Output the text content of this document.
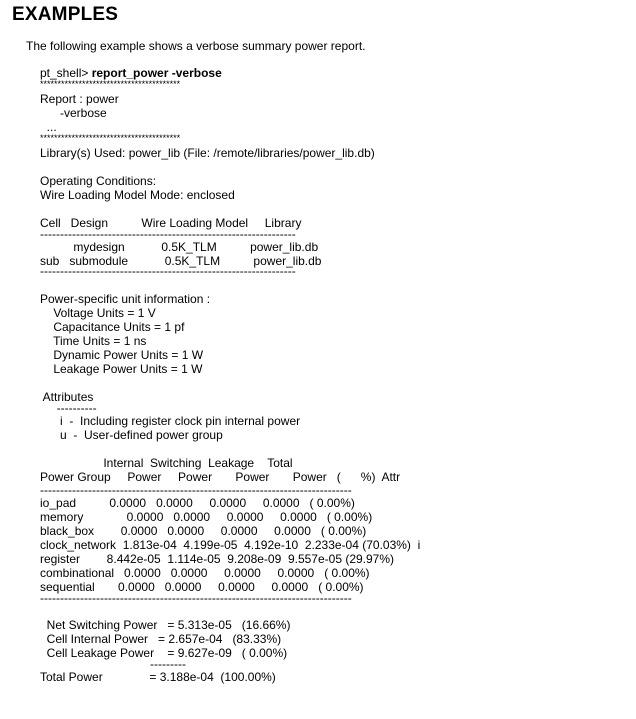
EXAMPLES
The following example shows a verbose summary power report.
pt_shell> report_power -verbose
****************************************
Report : power
-verbose
...
****************************************
Library(s) Used: power_lib (File: /remote/libraries/power_lib.db)
Operating Conditions:
Wire Loading Model Mode: enclosed
Cell   Design          Wire Loading Model     Library
----------------------------------------------------------------
mydesign           0.5K_TLM          power_lib.db
sub   submodule           0.5K_TLM          power_lib.db
----------------------------------------------------------------
Power-specific unit information :
Voltage Units = 1 V
Capacitance Units = 1 pf
Time Units = 1 ns
Dynamic Power Units = 1 W
Leakage Power Units = 1 W
Attributes
----------
i  -  Including register clock pin internal power
u  -  User-defined power group
Internal  Switching  Leakage    Total
Power Group     Power     Power       Power       Power   (      %)  Attr
------------------------------------------------------------------------------
io_pad          0.0000   0.0000     0.0000     0.0000   ( 0.00%)
memory             0.0000   0.0000     0.0000     0.0000   ( 0.00%)
black_box        0.0000   0.0000     0.0000     0.0000   ( 0.00%)
clock_network  1.813e-04  4.199e-05  4.192e-10  2.233e-04 (70.03%)  i
register        8.442e-05  1.114e-05  9.208e-09  9.557e-05 (29.97%)
combinational   0.0000   0.0000     0.0000     0.0000   ( 0.00%)
sequential       0.0000   0.0000     0.0000     0.0000   ( 0.00%)
------------------------------------------------------------------------------
Net Switching Power   = 5.313e-05   (16.66%)
Cell Internal Power   = 2.657e-04   (83.33%)
Cell Leakage Power    = 9.627e-09   ( 0.00%)
---------
Total Power              = 3.188e-04  (100.00%)
